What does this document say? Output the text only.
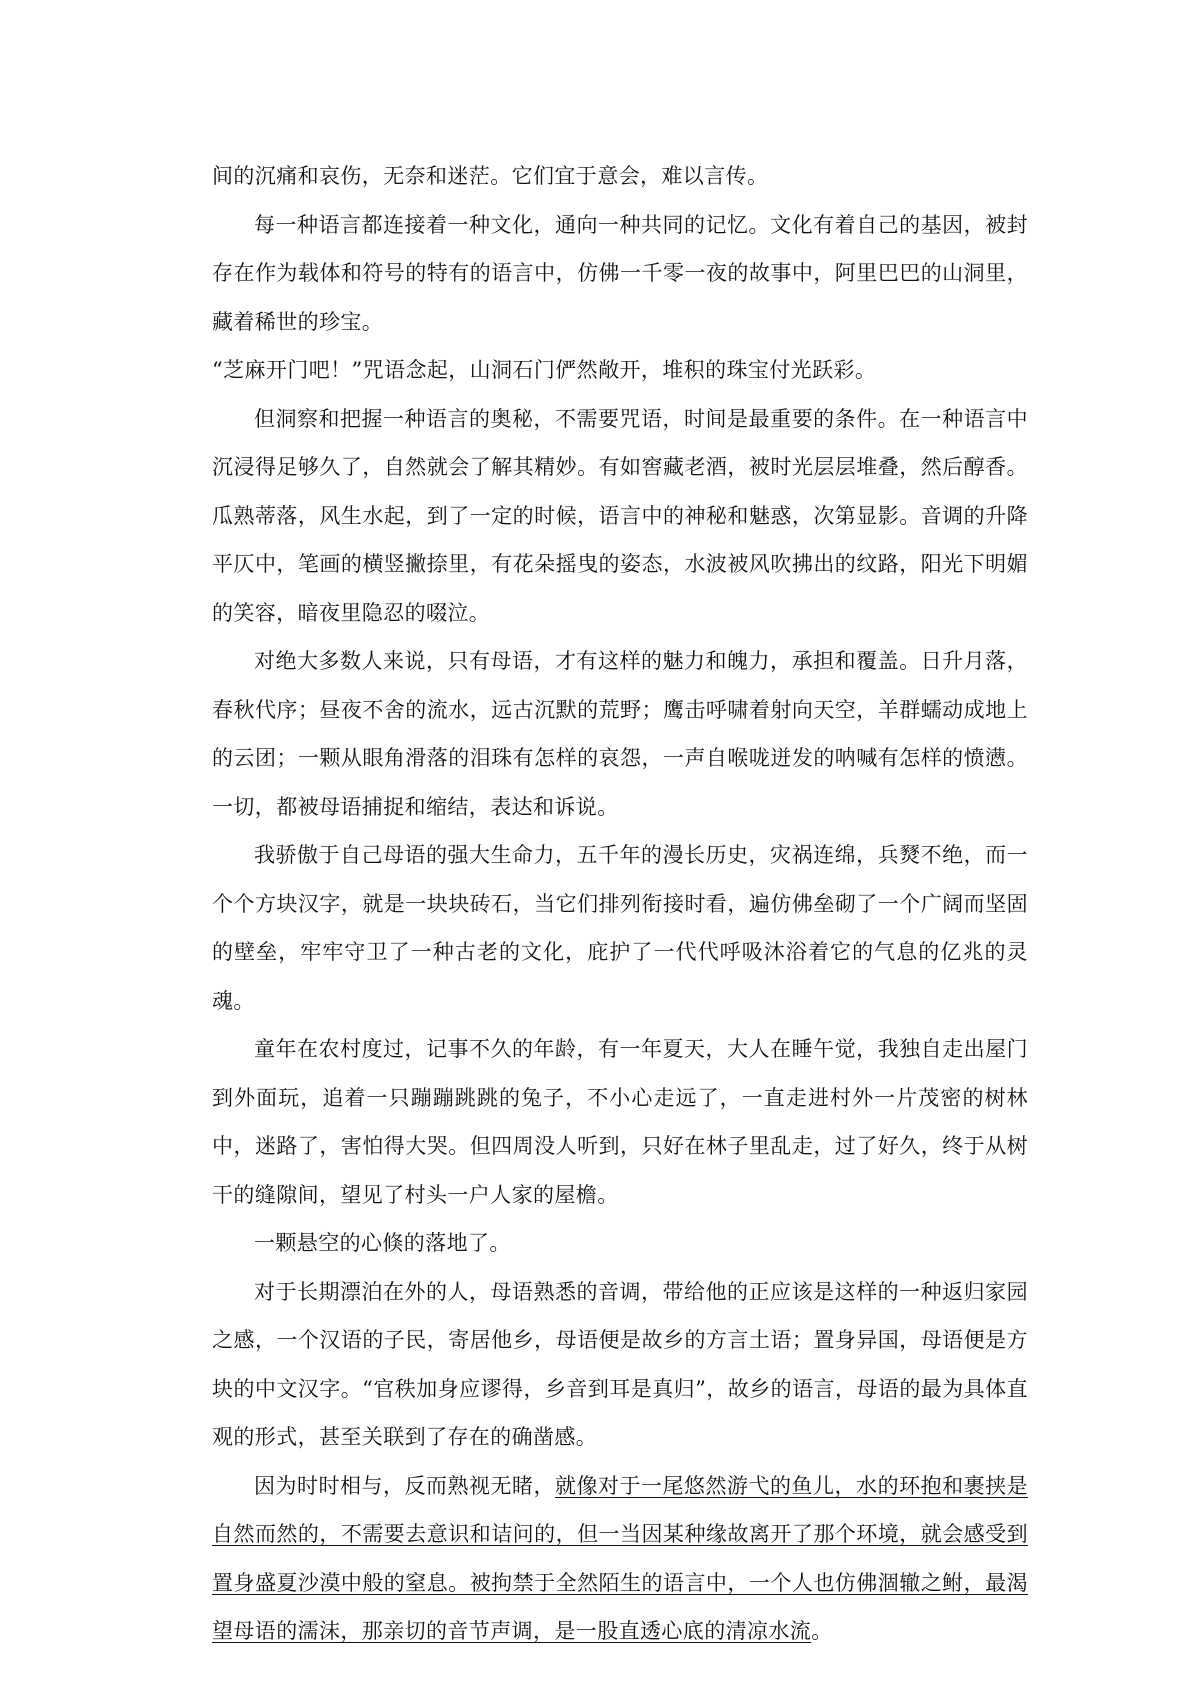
间的沉痛和哀伤，无奈和迷茫。它们宜于意会，难以言传。

每一种语言都连接着一种文化，通向一种共同的记忆。文化有着自己的基因，被封存在作为载体和符号的特有的语言中，仿佛一千零一夜的故事中，阿里巴巴的山洞里，藏着稀世的珍宝。

“芝麻开门吧！”咒语念起，山洞石门俨然敞开，堆积的珠宝付光跃彩。

但洞察和把握一种语言的奥秘，不需要咒语，时间是最重要的条件。在一种语言中沉浸得足够久了，自然就会了解其精妙。有如窖藏老酒，被时光层层堆叠，然后醇香。瓜熟蒂落，风生水起，到了一定的时候，语言中的神秘和魅惑，次第显影。音调的升降平仄中，笔画的横竖撇捺里，有花朵摇曳的姿态，水波被风吹拂出的纹路，阳光下明媚的笑容，暗夜里隐忍的啜泣。

对绝大多数人来说，只有母语，才有这样的魅力和魄力，承担和覆盖。日升月落，春秋代序；昼夜不舍的流水，远古沉默的荒野；鹰击呼啸着射向天空，羊群蠕动成地上的云团；一颗从眼角滑落的泪珠有怎样的哀怨，一声自喉咙迸发的呐喊有怎样的愤懑。一切，都被母语捕捉和缩结，表达和诉说。

我骄傲于自己母语的强大生命力，五千年的漫长历史，灾祸连绵，兵燹不绝，而一个个方块汉字，就是一块块砖石，当它们排列衔接时看，遍仿佛垒砌了一个广阔而坚固的壁垒，牢牢守卫了一种古老的文化，庇护了一代代呼吸沐浴着它的气息的亿兆的灵魂。

童年在农村度过，记事不久的年龄，有一年夏天，大人在睡午觉，我独自走出屋门到外面玩，追着一只蹦蹦跳跳的兔子，不小心走远了，一直走进村外一片茂密的树林中，迷路了，害怕得大哭。但四周没人听到，只好在林子里乱走，过了好久，终于从树干的缝隙间，望见了村头一户人家的屋檐。

一颗悬空的心倏的落地了。

对于长期漂泊在外的人，母语熟悉的音调，带给他的正应该是这样的一种返归家园之感，一个汉语的子民，寄居他乡，母语便是故乡的方言土语；置身异国，母语便是方块的中文汉字。“官秩加身应谬得，乡音到耳是真归”，故乡的语言，母语的最为具体直观的形式，甚至关联到了存在的确凿感。

因为时时相与，反而熟视无睹，就像对于一尾悠然游弋的鱼儿，水的环抱和裹挟是自然而然的，不需要去意识和诘问的，但一当因某种缘故离开了那个环境，就会感受到置身盛夏沙漠中般的窒息。被拘禁于全然陌生的语言中，一个人也仿佛涸辙之鲋，最渴望母语的濡沫，那亲切的音节声调，是一股直透心底的清凉水流。
